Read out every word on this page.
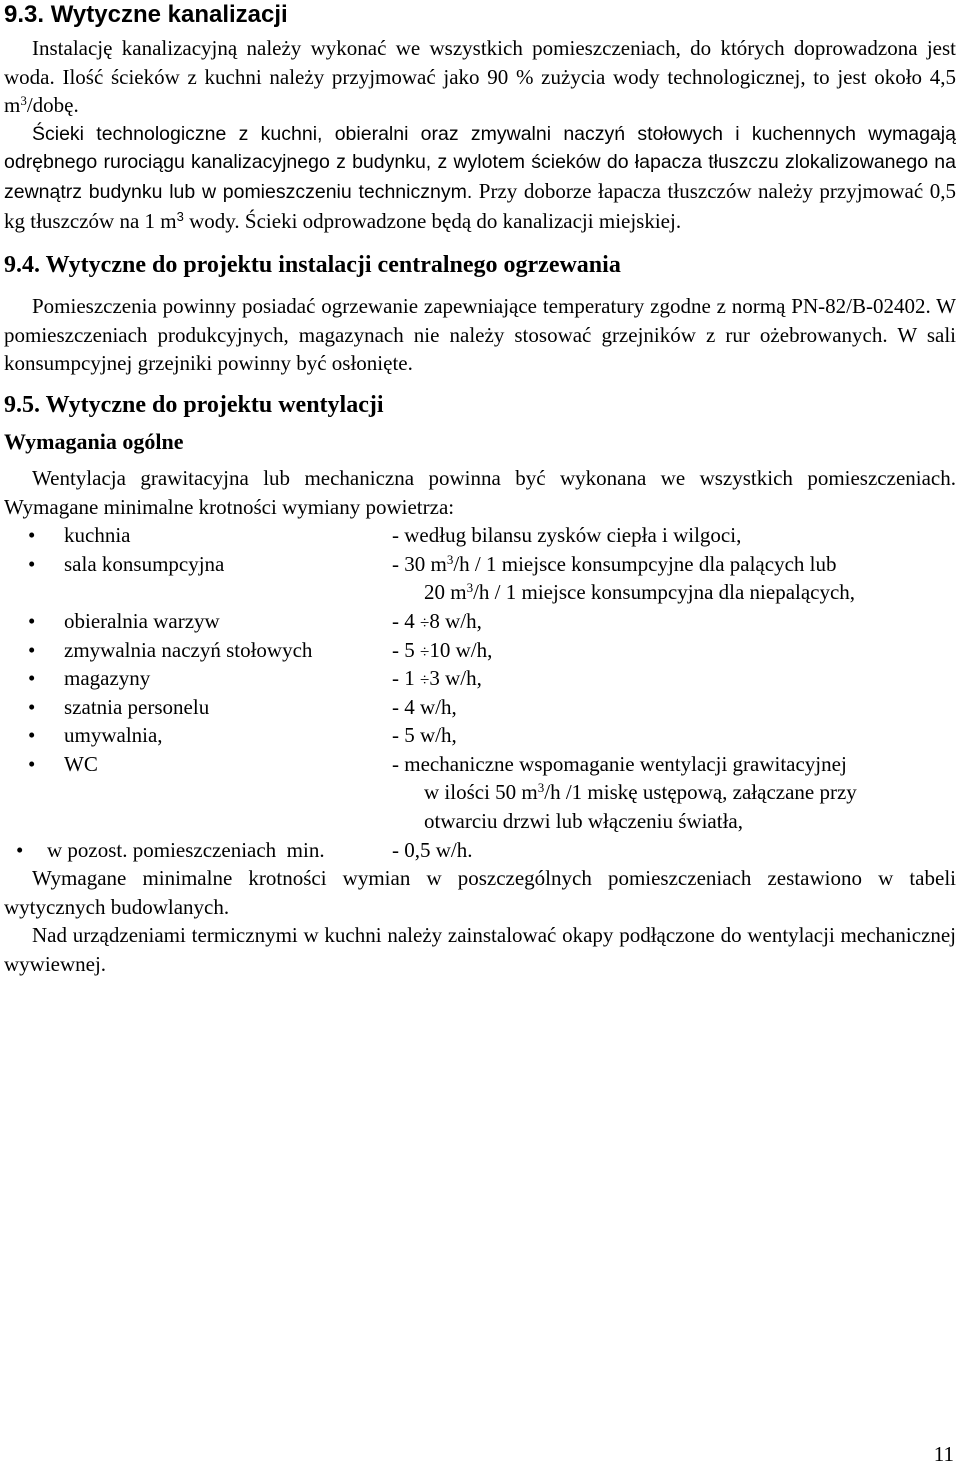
9.3. Wytyczne kanalizacji

Instalację kanalizacyjną należy wykonać we wszystkich pomieszczeniach, do których doprowadzona jest woda. Ilość ścieków z kuchni należy przyjmować jako 90 % zużycia wody technologicznej, to jest około 4,5 $m^3$/dobę.

Ścieki technologiczne z kuchni, obieralni oraz zmywalni naczyń stołowych i kuchennych wymagają odrębnego rurociągu kanalizacyjnego z budynku, z wylotem ścieków do łapacza tłuszczu zlokalizowanego na zewnątrz budynku lub w pomieszczeniu technicznym. Przy doborze łapacza tłuszczów należy przyjmować 0,5 kg tłuszczów na 1 $m^3$ wody. Ścieki odprowadzone będą do kanalizacji miejskiej.

9.4. Wytyczne do projektu instalacji centralnego ogrzewania

Pomieszczenia powinny posiadać ogrzewanie zapewniające temperatury zgodne z normą PN-82/B-02402. W pomieszczeniach produkcyjnych, magazynach nie należy stosować grzejników z rur ożebrowanych. W sali konsumpcyjnej grzejniki powinny być osłonięte.

9.5. Wytyczne do projektu wentylacji
Wymagania ogólne

Wentylacja grawitacyjna lub mechaniczna powinna być wykonana we wszystkich pomieszczeniach. Wymagane minimalne krotności wymiany powietrza:

• kuchnia	- według bilansu zysków ciepła i wilgoci,
• sala konsumpcyjna	- 30 $m^3/h / 1$ miejsce konsumpcyjne dla palących lub
20 $m^3/h / 1$ miejsce konsumpcyjna dla niepalących,
• obieralnia warzyw	- 4 ÷8 w/h,
• zmywalnia naczyń stołowych	- 5 ÷10 w/h,
• magazyny	- 1 ÷3 w/h,
• szatnia personelu	- 4 w/h,
• umywalnia,	- 5 w/h,
• WC	- mechaniczne wspomaganie wentylacji grawitacyjnej
w ilości 50 $m^3/h$ /1 miskę ustępową, załączane przy
otwarciu drzwi lub włączeniu światła,
• w pozost. pomieszczeniach  min.	- 0,5 w/h.

Wymagane minimalne krotności wymian w poszczególnych pomieszczeniach zestawiono w tabeli wytycznych budowlanych.

Nad urządzeniami termicznymi w kuchni należy zainstalować okapy podłączone do wentylacji mechanicznej wywiewnej.

11
